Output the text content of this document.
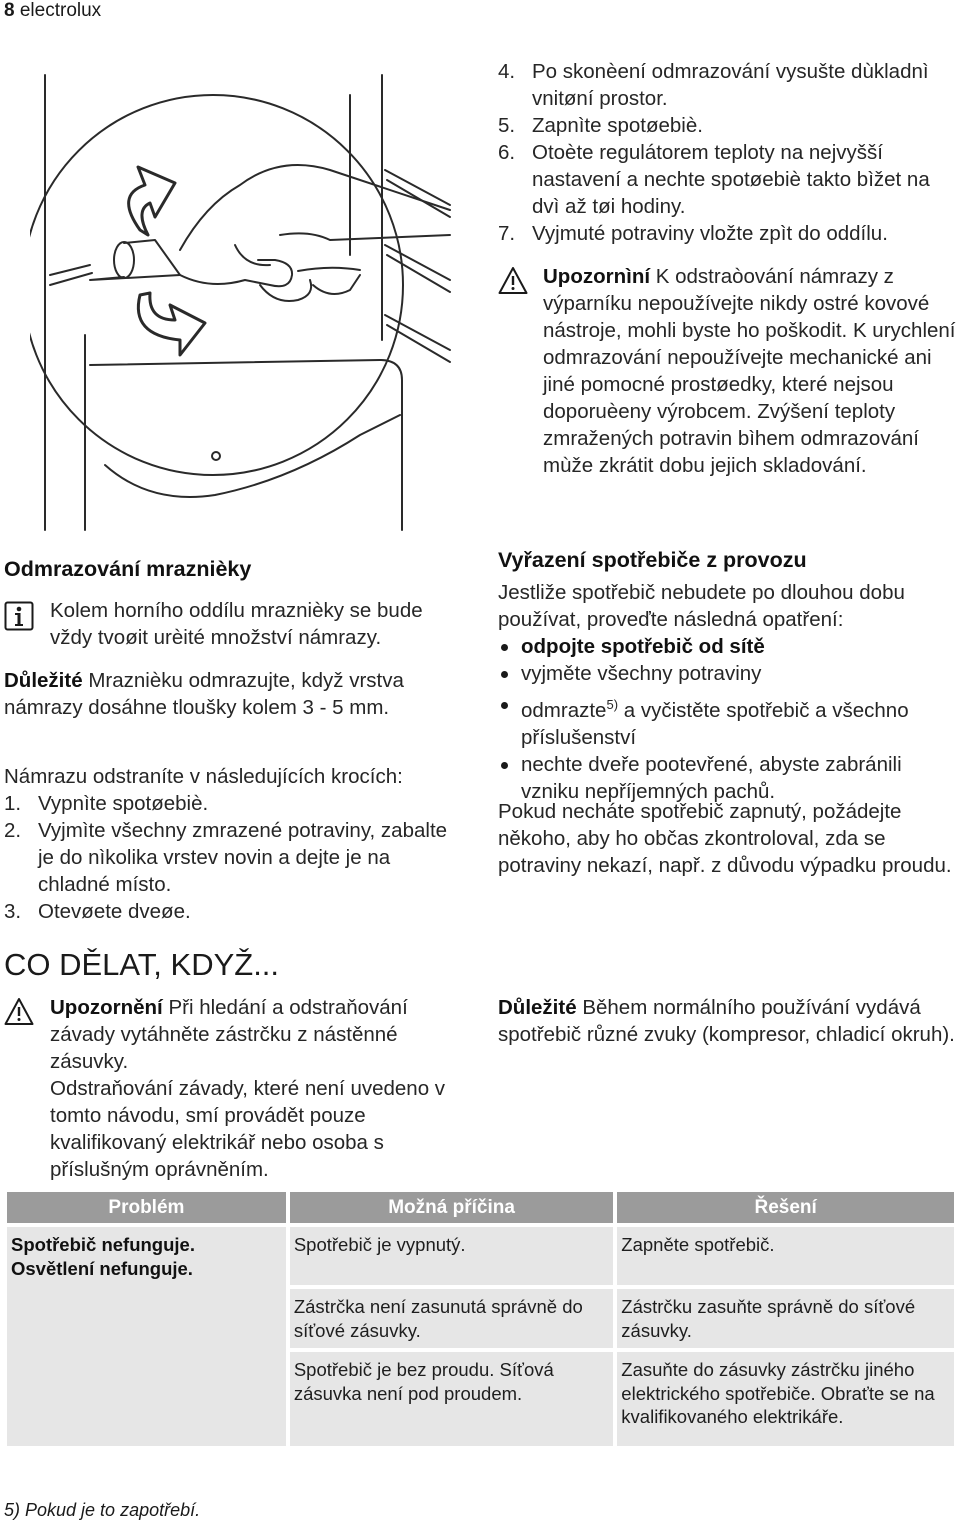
8 electrolux
Odmrazování mraznièky
Kolem horního oddílu mraznièky se bude vždy tvoøit urèité množství námrazy.
Důležité Mraznièku odmrazujte, když vrstva námrazy dosáhne tloušky kolem 3 - 5 mm.
Námrazu odstraníte v následujících krocích:
1. Vypnìte spotøebiè.
2. Vyjmìte všechny zmrazené potraviny, zabalte je do nìkolika vrstev novin a dejte je na chladné místo.
3. Otevøete dveøe.
CO DĚLAT, KDYŽ...
Upozornění Při hledání a odstraňování závady vytáhněte zástrčku z nástěnné zásuvky.
Odstraňování závady, které není uvedeno v tomto návodu, smí provádět pouze kvalifikovaný elektrikář nebo osoba s příslušným oprávněním.
4. Po skonèení odmrazování vysušte dùkladnì vnitøní prostor.
5. Zapnìte spotøebiè.
6. Otoète regulátorem teploty na nejvyšší nastavení a nechte spotøebiè takto bìžet na dvì až tøi hodiny.
7. Vyjmuté potraviny vložte zpìt do oddílu.
Upozornìní K odstraòování námrazy z výparníku nepoužívejte nikdy ostré kovové nástroje, mohli byste ho poškodit. K urychlení odmrazování nepoužívejte mechanické ani jiné pomocné prostøedky, které nejsou doporuèeny výrobcem. Zvýšení teploty zmražených potravin bìhem odmrazování mùže zkrátit dobu jejich skladování.
Vyřazení spotřebiče z provozu
Jestliže spotřebič nebudete po dlouhou dobu používat, proveďte následná opatření:
odpojte spotřebič od sítě
vyjměte všechny potraviny
odmrazte$^{5)}$ a vyčistěte spotřebič a všechno příslušenství
nechte dveře pootevřené, abyste zabránili vzniku nepříjemných pachů.
Pokud necháte spotřebič zapnutý, požádejte někoho, aby ho občas zkontroloval, zda se potraviny nekazí, např. z důvodu výpadku proudu.
Důležité Během normálního používání vydává spotřebič různé zvuky (kompresor, chladicí okruh).
Problém	Možná příčina	Řešení

Spotřebič nefunguje.
Osvětlení nefunguje.	Spotřebič je vypnutý.	Zapněte spotřebič.

	Zástrčka není zasunutá správně do síťové zásuvky.	Zástrčku zasuňte správně do síťové zásuvky.

	Spotřebič je bez proudu. Síťová zásuvka není pod proudem.	Zasuňte do zásuvky zástrčku jiného elektrického spotřebiče. Obraťte se na kvalifikovaného elektrikáře.
5) Pokud je to zapotřebí.
